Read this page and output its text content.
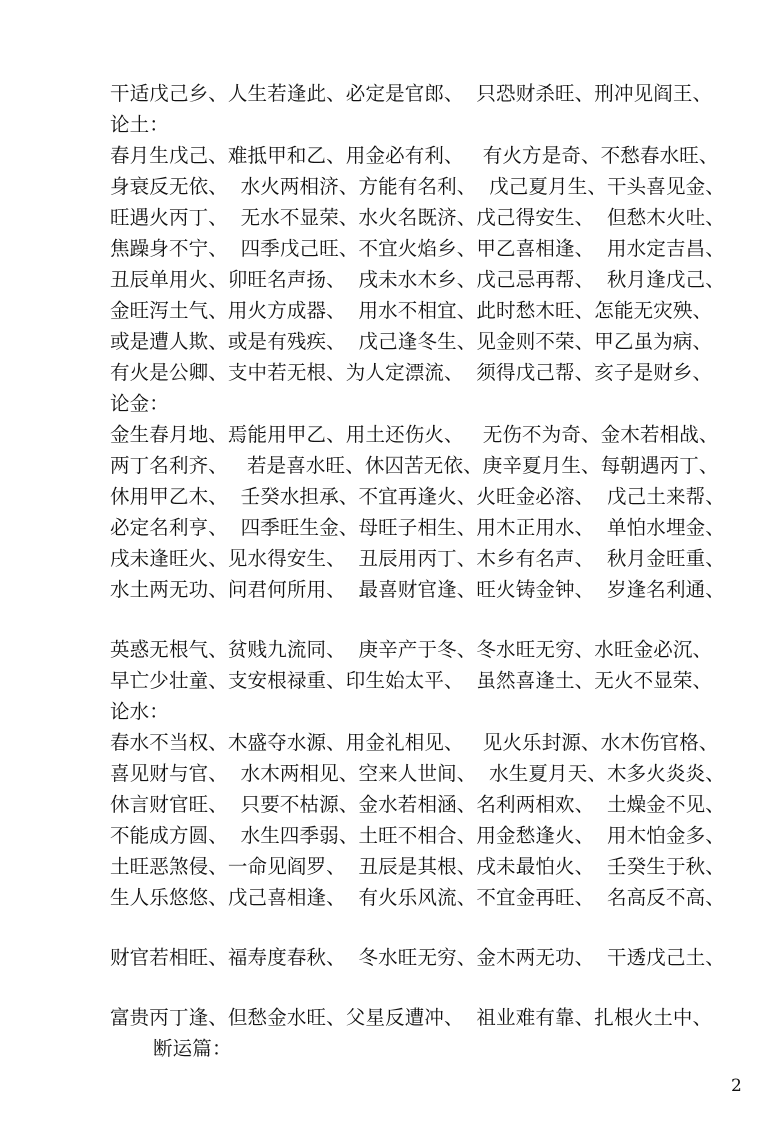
干适戊己乡、人生若逢此、必定是官郎、  只恐财杀旺、刑冲见阎王、
论土：
春月生戊己、难抵甲和乙、用金必有利、   有火方是奇、不愁春水旺、
身衰反无依、  水火两相济、方能有名利、  戊己夏月生、干头喜见金、
旺遇火丙丁、  无水不显荣、水火名既济、戊己得安生、  但愁木火吐、
焦躁身不宁、  四季戊己旺、不宜火焰乡、甲乙喜相逢、  用水定吉昌、
丑辰单用火、卯旺名声扬、  戌未水木乡、戊己忌再帮、  秋月逢戊己、
金旺泻土气、用火方成器、  用水不相宜、此时愁木旺、怎能无灾殃、
或是遭人欺、或是有残疾、  戊己逢冬生、见金则不荣、甲乙虽为病、
有火是公卿、支中若无根、为人定漂流、  须得戊己帮、亥子是财乡、
论金：
金生春月地、焉能用甲乙、用土还伤火、   无伤不为奇、金木若相战、
两丁名利齐、   若是喜水旺、休囚苦无依、庚辛夏月生、每朝遇丙丁、
休用甲乙木、  壬癸水担承、不宜再逢火、火旺金必溶、  戊己土来帮、
必定名利亨、  四季旺生金、母旺子相生、用木正用水、  单怕水埋金、
戌未逢旺火、见水得安生、  丑辰用丙丁、木乡有名声、  秋月金旺重、
水土两无功、问君何所用、  最喜财官逢、旺火铸金钟、  岁逢名利通、
英惑无根气、贫贱九流同、  庚辛产于冬、冬水旺无穷、水旺金必沉、
早亡少壮童、支安根禄重、印生始太平、  虽然喜逢土、无火不显荣、
论水：
春水不当权、木盛夺水源、用金礼相见、   见火乐封源、水木伤官格、
喜见财与官、  水木两相见、空来人世间、  水生夏月天、木多火炎炎、
休言财官旺、  只要不枯源、金水若相涵、名利两相欢、  土燥金不见、
不能成方圆、  水生四季弱、土旺不相合、用金愁逢火、  用木怕金多、
土旺恶煞侵、一命见阎罗、  丑辰是其根、戌未最怕火、  壬癸生于秋、
生人乐悠悠、戊己喜相逢、  有火乐风流、不宜金再旺、  名高反不高、
财官若相旺、福寿度春秋、  冬水旺无穷、金木两无功、  干透戊己土、
富贵丙丁逢、但愁金水旺、父星反遭冲、  祖业难有靠、扎根火土中、
断运篇：
2
